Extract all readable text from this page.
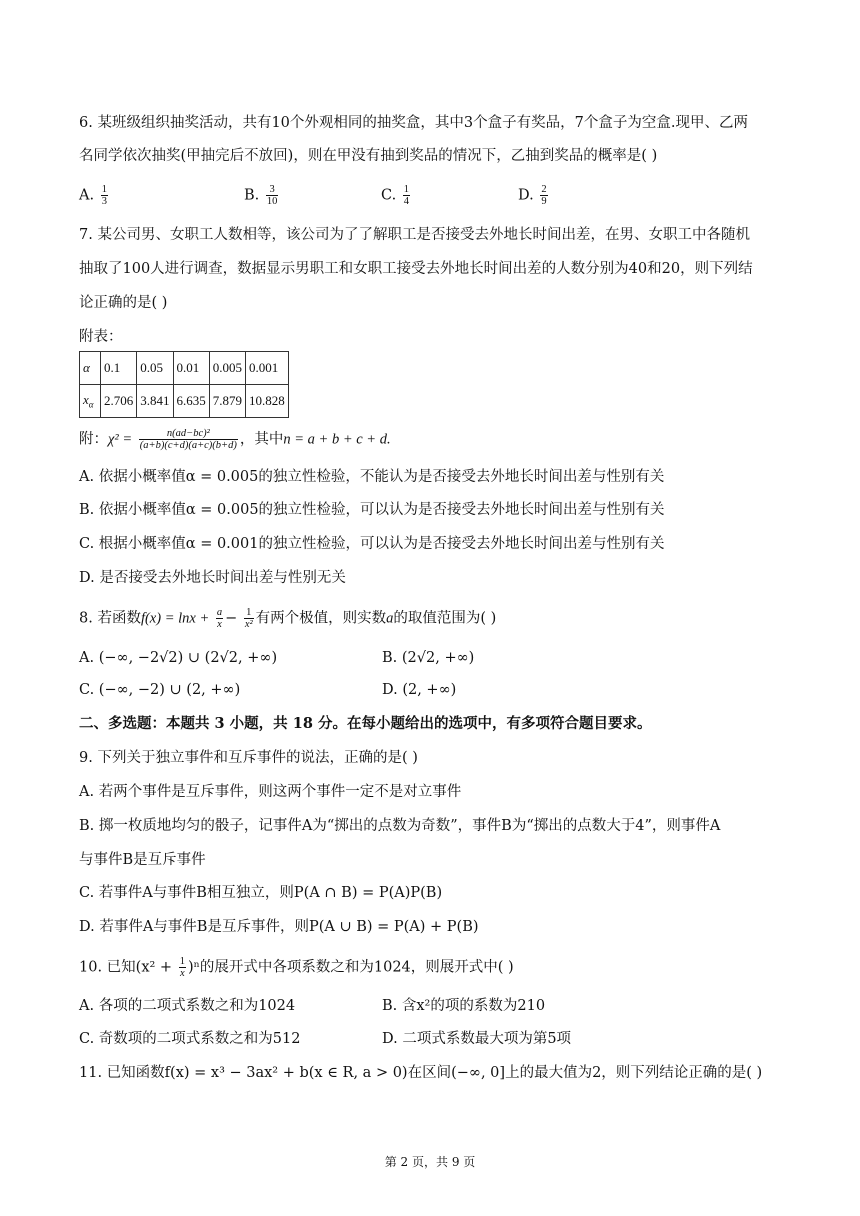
6. 某班级组织抽奖活动，共有10个外观相同的抽奖盒，其中3个盒子有奖品，7个盒子为空盒.现甲、乙两
名同学依次抽奖(甲抽完后不放回)，则在甲没有抽到奖品的情况下，乙抽到奖品的概率是( )
A. $\frac{1}{3}$	B. $\frac{3}{10}$	C. $\frac{1}{4}$	D. $\frac{2}{9}$
7. 某公司男、女职工人数相等，该公司为了了解职工是否接受去外地长时间出差，在男、女职工中各随机
抽取了100人进行调查，数据显示男职工和女职工接受去外地长时间出差的人数分别为40和20，则下列结
论正确的是( )
附表：
α	0.1	0.05	0.01	0.005	0.001
$x_\alpha$	2.706	3.841	6.635	7.879	10.828
附：$\chi^2 = \frac{\text{n(ad−bc)²}}{(a+b)(c+d)(a+c)(b+d)}$ ，其中n = a + b + c + d.
A. 依据小概率值α = 0.005的独立性检验，不能认为是否接受去外地长时间出差与性别有关
B. 依据小概率值α = 0.005的独立性检验，可以认为是否接受去外地长时间出差与性别有关
C. 根据小概率值α = 0.001的独立性检验，可以认为是否接受去外地长时间出差与性别有关
D. 是否接受去外地长时间出差与性别无关
8. 若函数$f(x) = \ln x + \frac{a}{x} - \frac{1}{\text{x²}}$ 有两个极值，则实数a的取值范围为( )
A. (−∞, −2√2) ∪ (2√2, +∞)	B. (2√2, +∞)
C. (−∞, −2) ∪ (2, +∞)	D. (2, +∞)
二、多选题：本题共 3 小题，共 18 分。在每小题给出的选项中，有多项符合题目要求。
9. 下列关于独立事件和互斥事件的说法，正确的是( )
A. 若两个事件是互斥事件，则这两个事件一定不是对立事件
B. 掷一枚质地均匀的骰子，记事件A为“掷出的点数为奇数”，事件B为“掷出的点数大于4”，则事件A
与事件B是互斥事件
C. 若事件A与事件B相互独立，则P(A ∩ B) = P(A)P(B)
D. 若事件A与事件B是互斥事件，则P(A ∪ B) = P(A) + P(B)
10. 已知$(x^2 + \frac{1}{x} )^n$的展开式中各项系数之和为1024，则展开式中( )
A. 各项的二项式系数之和为1024	B. 含x²的项的系数为210
C. 奇数项的二项式系数之和为512	D. 二项式系数最大项为第5项
11. 已知函数f(x) = x³ − 3ax² + b(x ∈ R, a > 0)在区间(−∞, 0]上的最大值为2，则下列结论正确的是( )
第 2 页，共 9 页
